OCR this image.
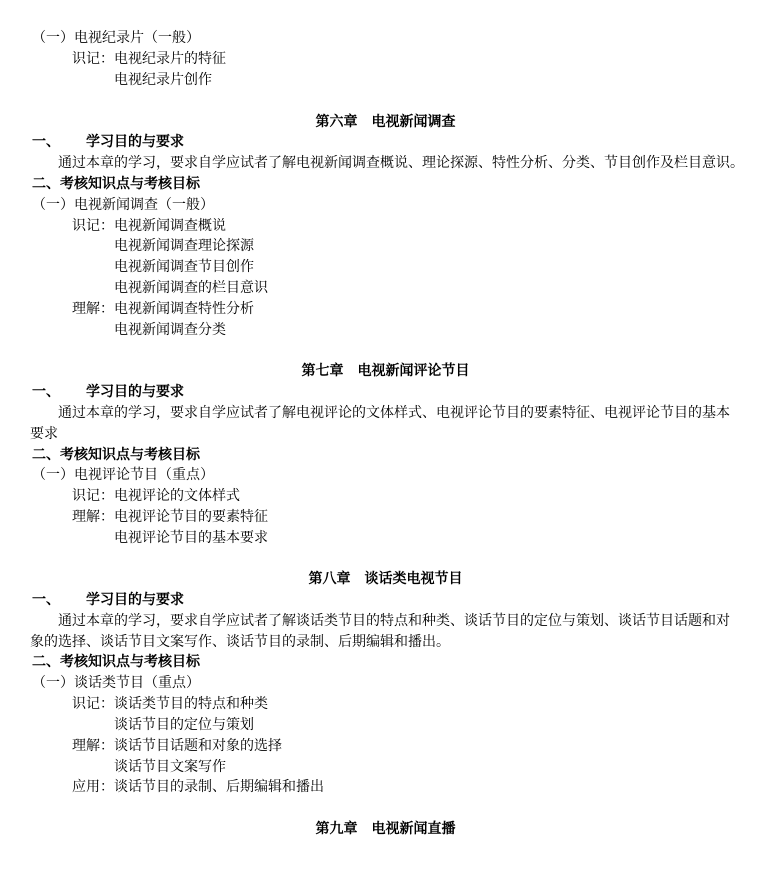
（一）电视纪录片（一般）
识记：电视纪录片的特征
电视纪录片创作
第六章　电视新闻调查
一、 学习目的与要求
通过本章的学习，要求自学应试者了解电视新闻调查概说、理论探源、特性分析、分类、节目创作及栏目意识。
二、考核知识点与考核目标
（一）电视新闻调查（一般）
识记：电视新闻调查概说
电视新闻调查理论探源
电视新闻调查节目创作
电视新闻调查的栏目意识
理解：电视新闻调查特性分析
电视新闻调查分类
第七章　电视新闻评论节目
一、 学习目的与要求
通过本章的学习，要求自学应试者了解电视评论的文体样式、电视评论节目的要素特征、电视评论节目的基本
要求
二、考核知识点与考核目标
（一）电视评论节目（重点）
识记：电视评论的文体样式
理解：电视评论节目的要素特征
电视评论节目的基本要求
第八章　谈话类电视节目
一、 学习目的与要求
通过本章的学习，要求自学应试者了解谈话类节目的特点和种类、谈话节目的定位与策划、谈话节目话题和对
象的选择、谈话节目文案写作、谈话节目的录制、后期编辑和播出。
二、考核知识点与考核目标
（一）谈话类节目（重点）
识记：谈话类节目的特点和种类
谈话节目的定位与策划
理解：谈话节目话题和对象的选择
谈话节目文案写作
应用：谈话节目的录制、后期编辑和播出
第九章　电视新闻直播
